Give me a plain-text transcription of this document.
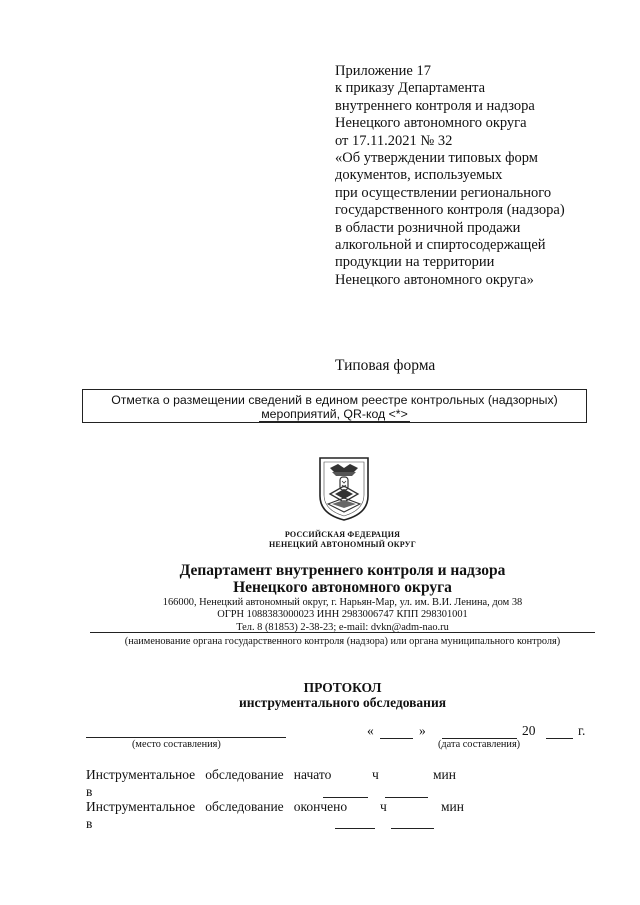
Приложение 17
к приказу Департамента
внутреннего контроля и надзора
Ненецкого автономного округа
от 17.11.2021 № 32
«Об утверждении типовых форм
документов, используемых
при осуществлении регионального
государственного контроля (надзора)
в области розничной продажи
алкогольной и спиртосодержащей
продукции на территории
Ненецкого автономного округа»
Типовая форма
Отметка о размещении сведений в едином реестре контрольных (надзорных)
мероприятий, QR-код <*>
РОССИЙСКАЯ ФЕДЕРАЦИЯ
НЕНЕЦКИЙ АВТОНОМНЫЙ ОКРУГ
Департамент внутреннего контроля и надзора
Ненецкого автономного округа
166000, Ненецкий автономный округ, г. Нарьян-Мар, ул. им. В.И. Ленина, дом 38
ОГРН 1088383000023 ИНН 2983006747 КПП 298301001
Тел. 8 (81853) 2-38-23; e-mail: dvkn@adm-nao.ru
(наименование органа государственного контроля (надзора) или органа муниципального контроля)
ПРОТОКОЛ
инструментального обследования
(место составления)
«	»	20	г.
(дата составления)
Инструментальное   обследование   начато	ч	мин
в
Инструментальное   обследование   окончено ч	мин
в
